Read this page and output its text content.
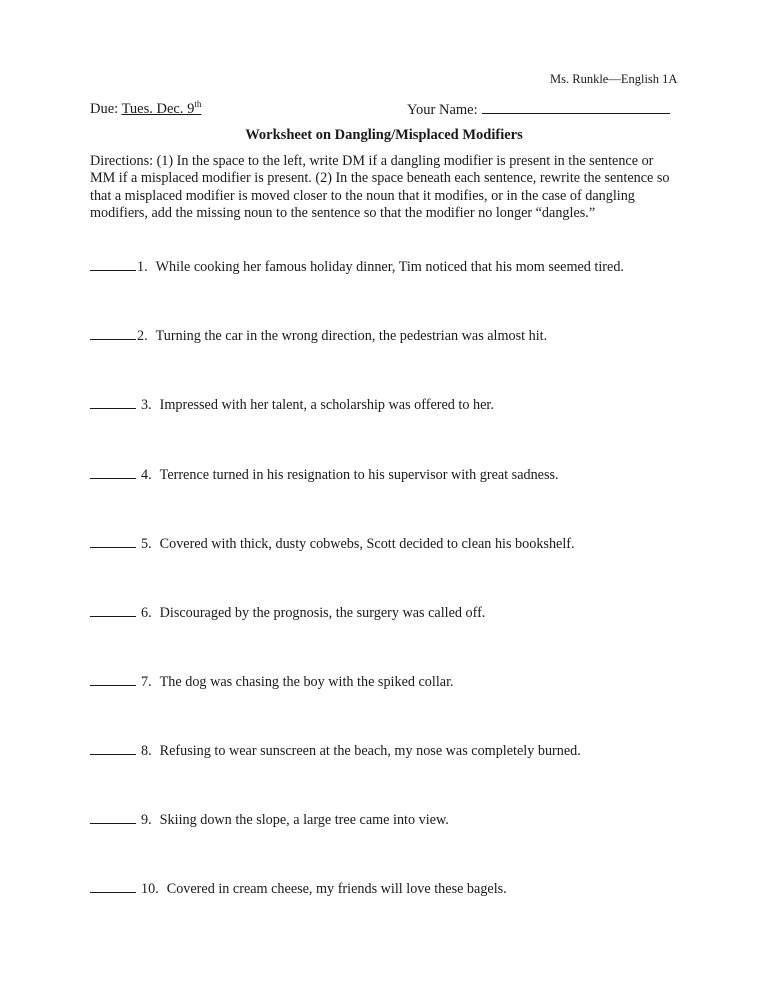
Ms. Runkle—English 1A
Due: Tues. Dec. 9th	Your Name:
Worksheet on Dangling/Misplaced Modifiers
Directions: (1) In the space to the left, write DM if a dangling modifier is present in the sentence or MM if a misplaced modifier is present. (2) In the space beneath each sentence, rewrite the sentence so that a misplaced modifier is moved closer to the noun that it modifies, or in the case of dangling modifiers, add the missing noun to the sentence so that the modifier no longer “dangles.”
1. While cooking her famous holiday dinner, Tim noticed that his mom seemed tired.
2. Turning the car in the wrong direction, the pedestrian was almost hit.
3. Impressed with her talent, a scholarship was offered to her.
4. Terrence turned in his resignation to his supervisor with great sadness.
5. Covered with thick, dusty cobwebs, Scott decided to clean his bookshelf.
6. Discouraged by the prognosis, the surgery was called off.
7. The dog was chasing the boy with the spiked collar.
8. Refusing to wear sunscreen at the beach, my nose was completely burned.
9. Skiing down the slope, a large tree came into view.
10. Covered in cream cheese, my friends will love these bagels.
